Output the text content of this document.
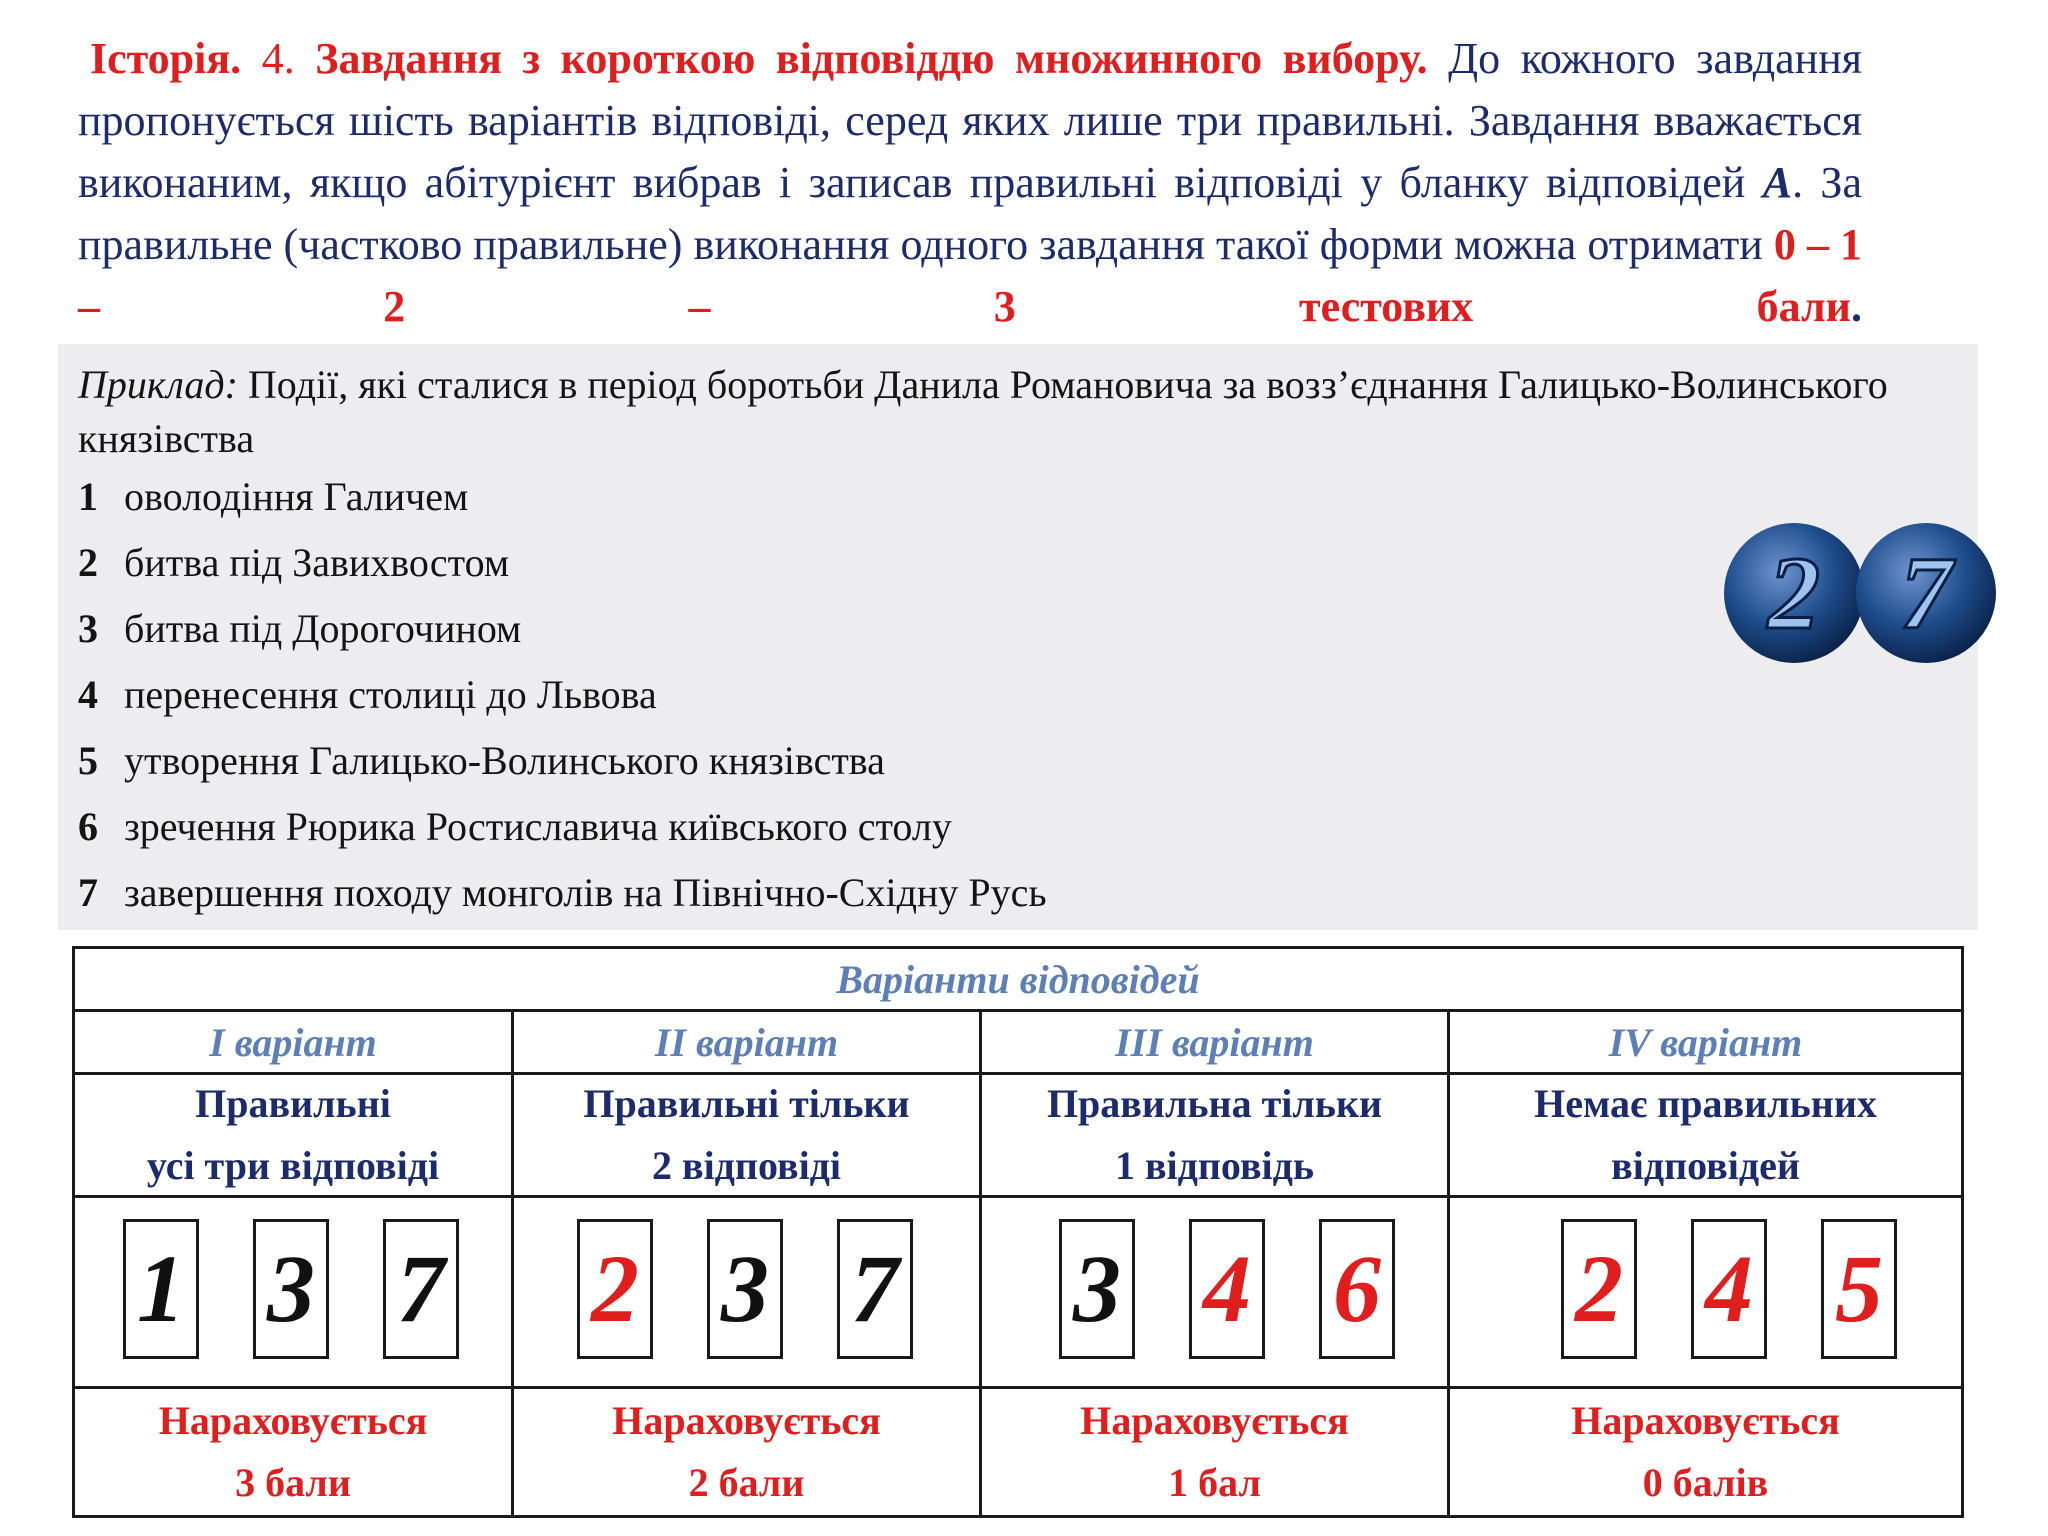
Історія. 4. Завдання з короткою відповіддю множинного вибору. До кожного завдання пропонується шість варіантів відповіді, серед яких лише три правильні. Завдання вважається виконаним, якщо абітурієнт вибрав і записав правильні відповіді у бланку відповідей А. За правильне (частково правильне) виконання одного завдання такої форми можна отримати 0 – 1 – 2 – 3 тестових бали.
Приклад: Події, які сталися в період боротьби Данила Романовича за возз’єднання Галицько-Волинського князівства
1 оволодіння Галичем
2 битва під Завихвостом
3 битва під Дорогочином
4 перенесення столиці до Львова
5 утворення Галицько-Волинського князівства
6 зречення Рюрика Ростиславича київського столу
7 завершення походу монголів на Північно-Східну Русь
2 7
Варіанти відповідей
І варіант
Правильні
усі три відповіді
1 3 7
Нараховується
3 бали
ІІ варіант
Правильні тільки
2 відповіді
2 3 7
Нараховується
2 бали
ІІІ варіант
Правильна тільки
1 відповідь
3 4 6
Нараховується
1 бал
ІV варіант
Немає правильних
відповідей
2 4 5
Нараховується
0 балів
